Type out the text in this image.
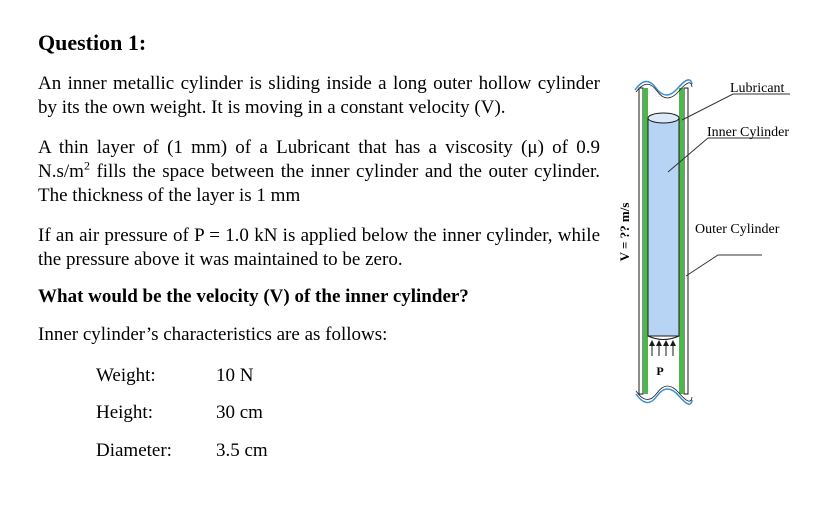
Question 1:
An inner metallic cylinder is sliding inside a long outer hollow cylinder by its the own weight. It is moving in a constant velocity (V).
A thin layer of (1 mm) of a Lubricant that has a viscosity (μ) of 0.9 $N.s/m^2$ fills the space between the inner cylinder and the outer cylinder. The thickness of the layer is 1 mm
If an air pressure of P = 1.0 kN is applied below the inner cylinder, while the pressure above it was maintained to be zero.
What would be the velocity (V) of the inner cylinder?
Inner cylinder’s characteristics are as follows:
Weight:	10 N
Height:	30 cm
Diameter: 3.5 cm
P
V = ?? m/s
Lubricant
Inner Cylinder
Outer Cylinder
